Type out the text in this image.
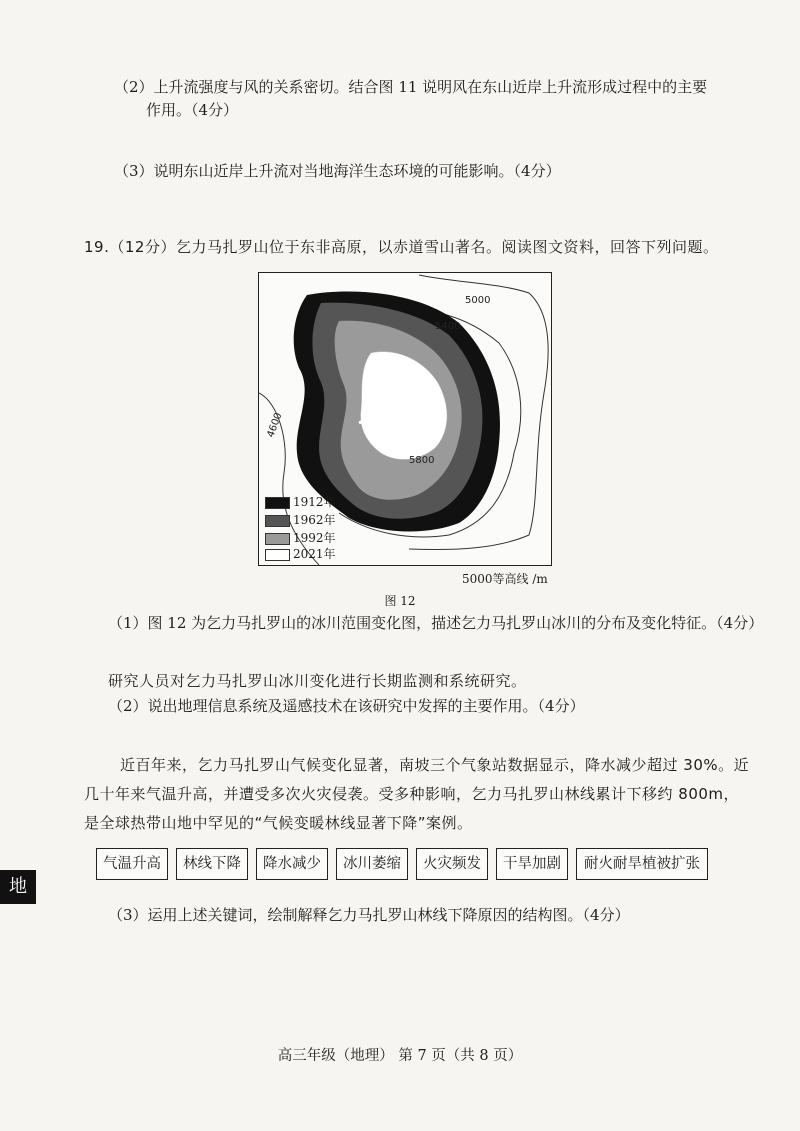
（2）上升流强度与风的关系密切。结合图 11 说明风在东山近岸上升流形成过程中的主要
作用。（4分）
（3）说明东山近岸上升流对当地海洋生态环境的可能影响。（4分）
19.（12分）乞力马扎罗山位于东非高原，以赤道雪山著名。阅读图文资料，回答下列问题。
5000
5400
5800
4600
1912年
1962年
1992年
2021年
5000等高线 /m
图 12
（1）图 12 为乞力马扎罗山的冰川范围变化图，描述乞力马扎罗山冰川的分布及变化特征。（4分）
研究人员对乞力马扎罗山冰川变化进行长期监测和系统研究。
（2）说出地理信息系统及遥感技术在该研究中发挥的主要作用。（4分）
近百年来，乞力马扎罗山气候变化显著，南坡三个气象站数据显示，降水减少超过 30%。近
几十年来气温升高，并遭受多次火灾侵袭。受多种影响，乞力马扎罗山林线累计下移约 800m，
是全球热带山地中罕见的“气候变暖林线显著下降”案例。
气温升高	林线下降	降水减少	冰川萎缩	火灾频发	干旱加剧	耐火耐旱植被扩张
地
（3）运用上述关键词，绘制解释乞力马扎罗山林线下降原因的结构图。（4分）
高三年级（地理） 第 7 页（共 8 页）
